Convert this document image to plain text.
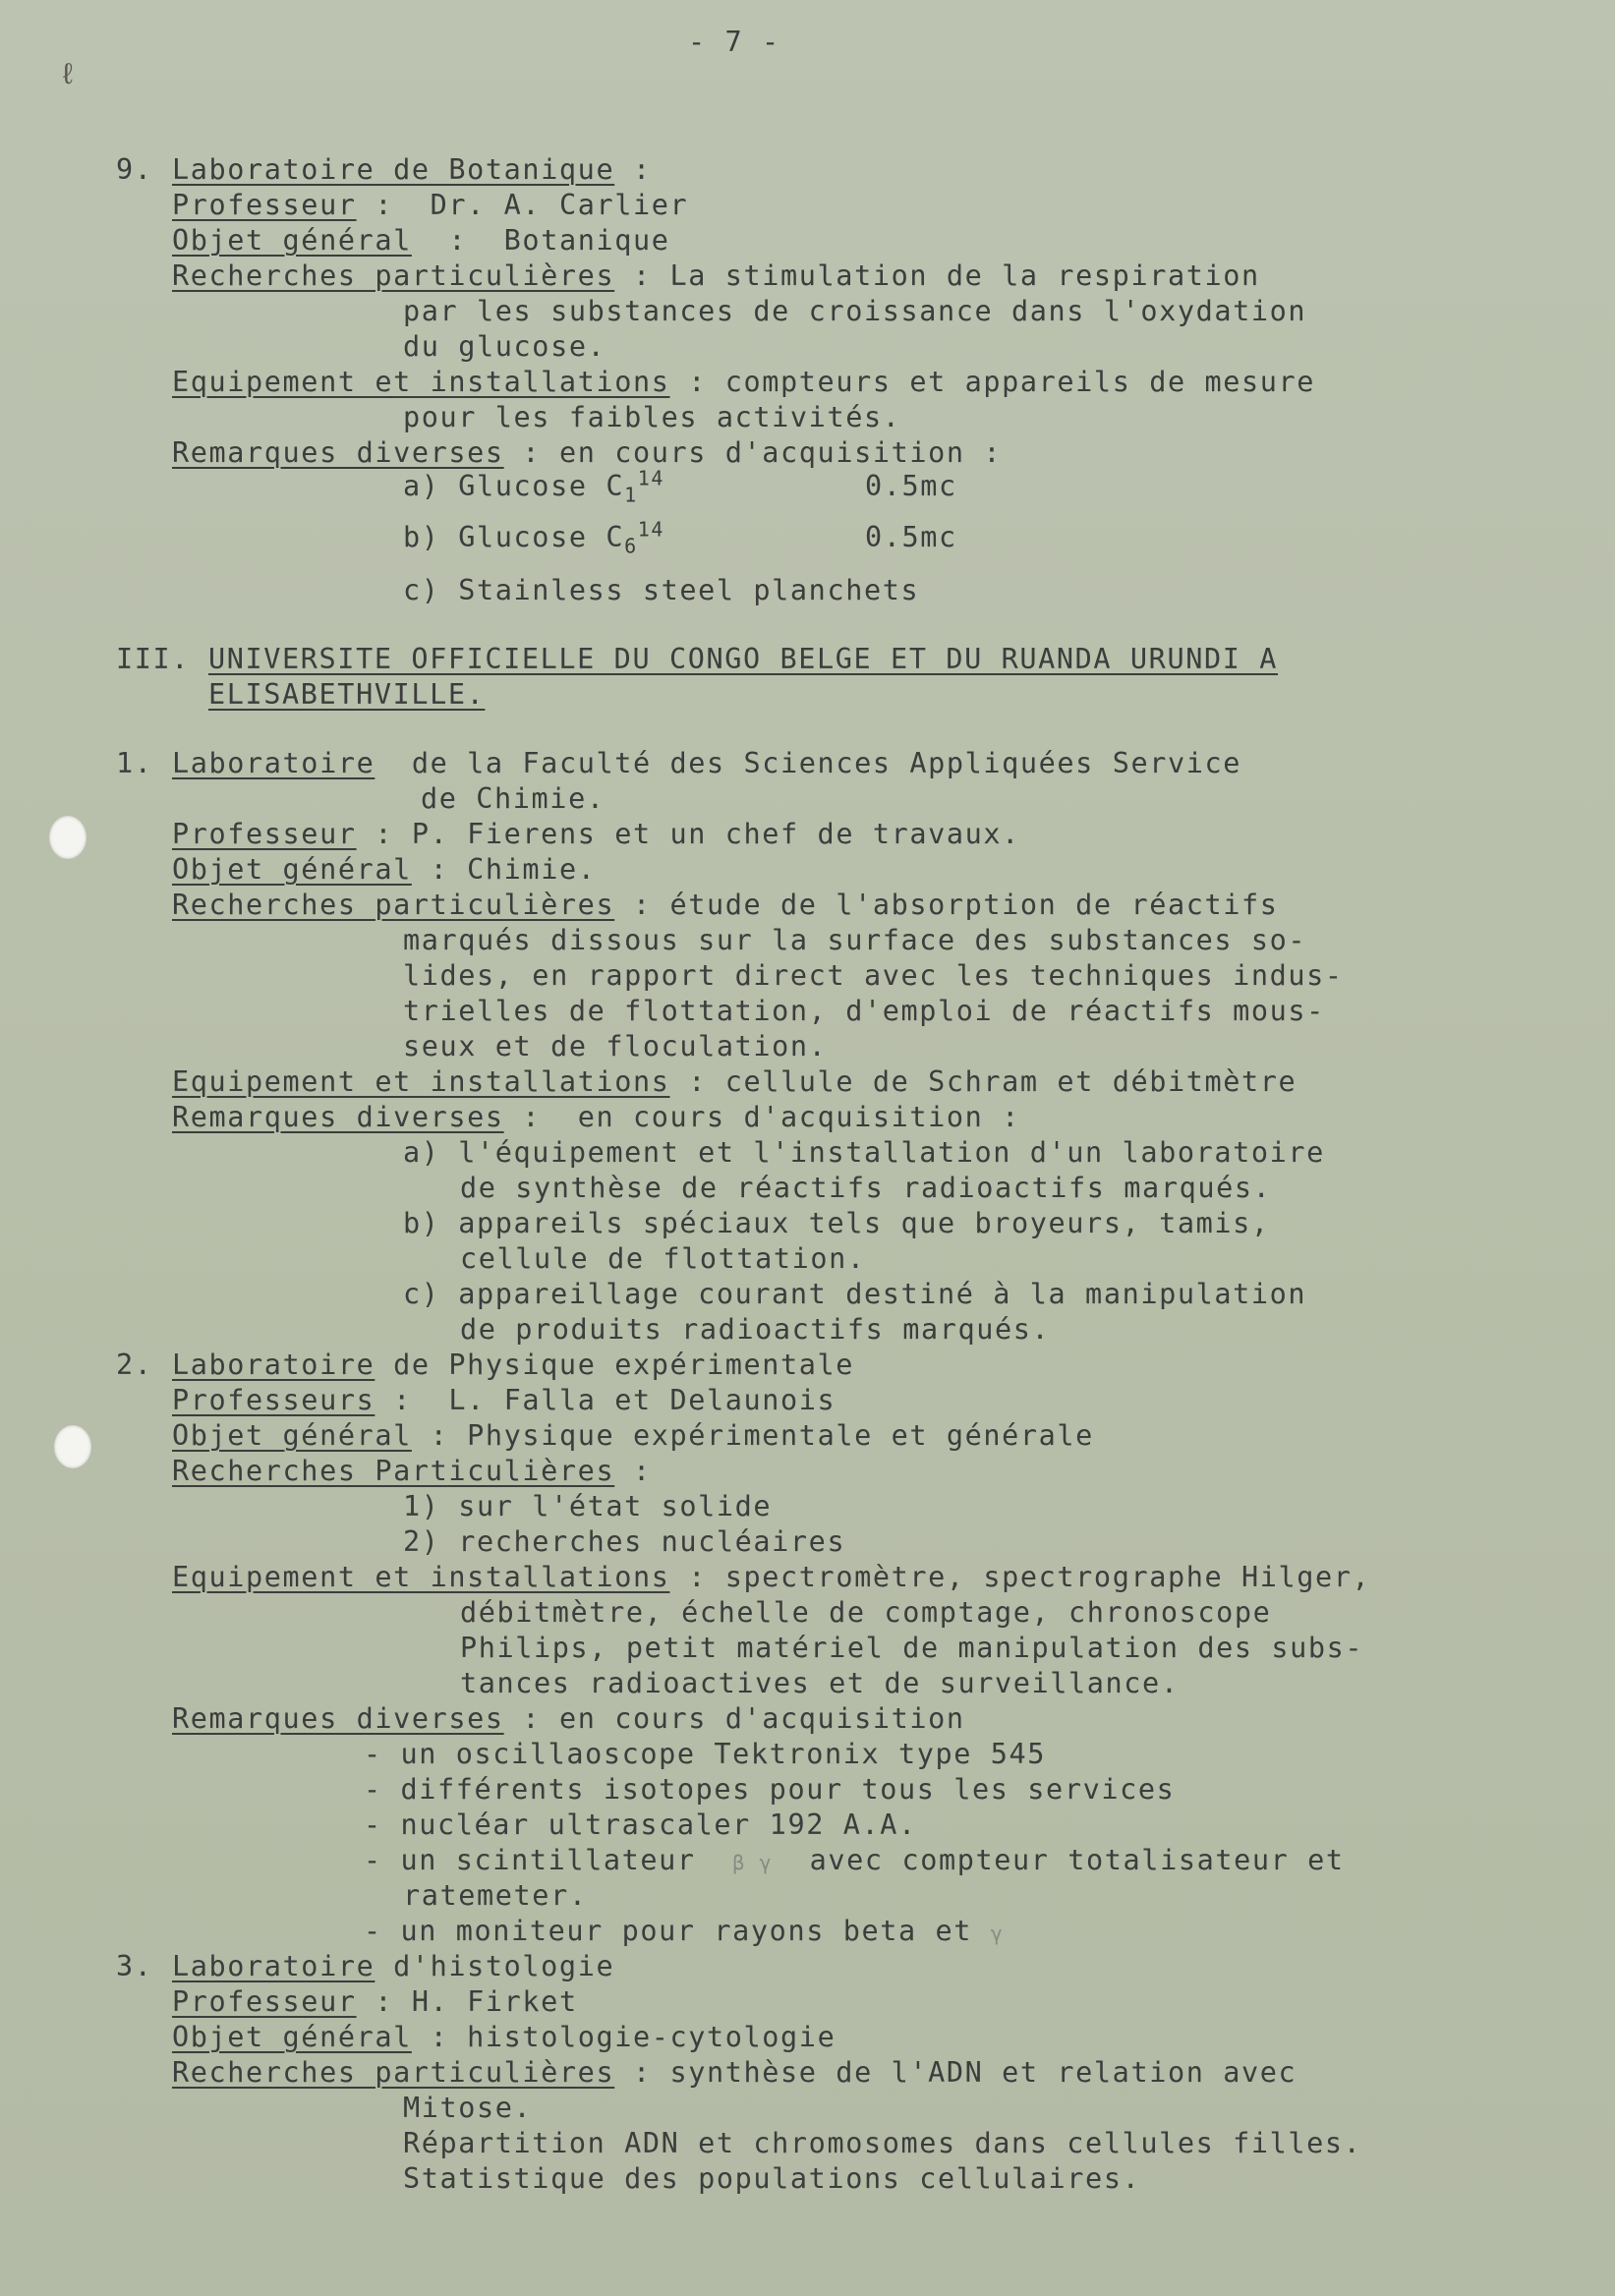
ℓ
- 7 -
9. Laboratoire de Botanique :
Professeur :  Dr. A. Carlier
Objet général  :  Botanique
Recherches particulières : La stimulation de la respiration
par les substances de croissance dans l'oxydation
du glucose.
Equipement et installations : compteurs et appareils de mesure
pour les faibles activités.
Remarques diverses : en cours d'acquisition :
a) Glucose $C_1^{14}$	0.5mc
b) Glucose $C_6^{14}$	0.5mc
c) Stainless steel planchets
III. UNIVERSITE OFFICIELLE DU CONGO BELGE ET DU RUANDA URUNDI A
ELISABETHVILLE.
1. Laboratoire de la Faculté des Sciences Appliquées Service
de Chimie.
Professeur : P. Fierens et un chef de travaux.
Objet général : Chimie.
Recherches particulières : étude de l'absorption de réactifs
marqués dissous sur la surface des substances so-
lides, en rapport direct avec les techniques indus-
trielles de flottation, d'emploi de réactifs mous-
seux et de floculation.
Equipement et installations : cellule de Schram et débitmètre
Remarques diverses :  en cours d'acquisition :
a) l'équipement et l'installation d'un laboratoire
de synthèse de réactifs radioactifs marqués.
b) appareils spéciaux tels que broyeurs, tamis,
cellule de flottation.
c) appareillage courant destiné à la manipulation
de produits radioactifs marqués.
2. Laboratoire de Physique expérimentale
Professeurs :  L. Falla et Delaunois
Objet général : Physique expérimentale et générale
Recherches Particulières :
1) sur l'état solide
2) recherches nucléaires
Equipement et installations : spectromètre, spectrographe Hilger,
débitmètre, échelle de comptage, chronoscope
Philips, petit matériel de manipulation des subs-
tances radioactives et de surveillance.
Remarques diverses : en cours d'acquisition
- un oscillaoscope Tektronix type 545
- différents isotopes pour tous les services
- nucléar ultrascaler 192 A.A.
- un scintillateur β γ avec compteur totalisateur et
ratemeter.
- un moniteur pour rayons beta et γ
3. Laboratoire d'histologie
Professeur : H. Firket
Objet général : histologie-cytologie
Recherches particulières : synthèse de l'ADN et relation avec
Mitose.
Répartition ADN et chromosomes dans cellules filles.
Statistique des populations cellulaires.
